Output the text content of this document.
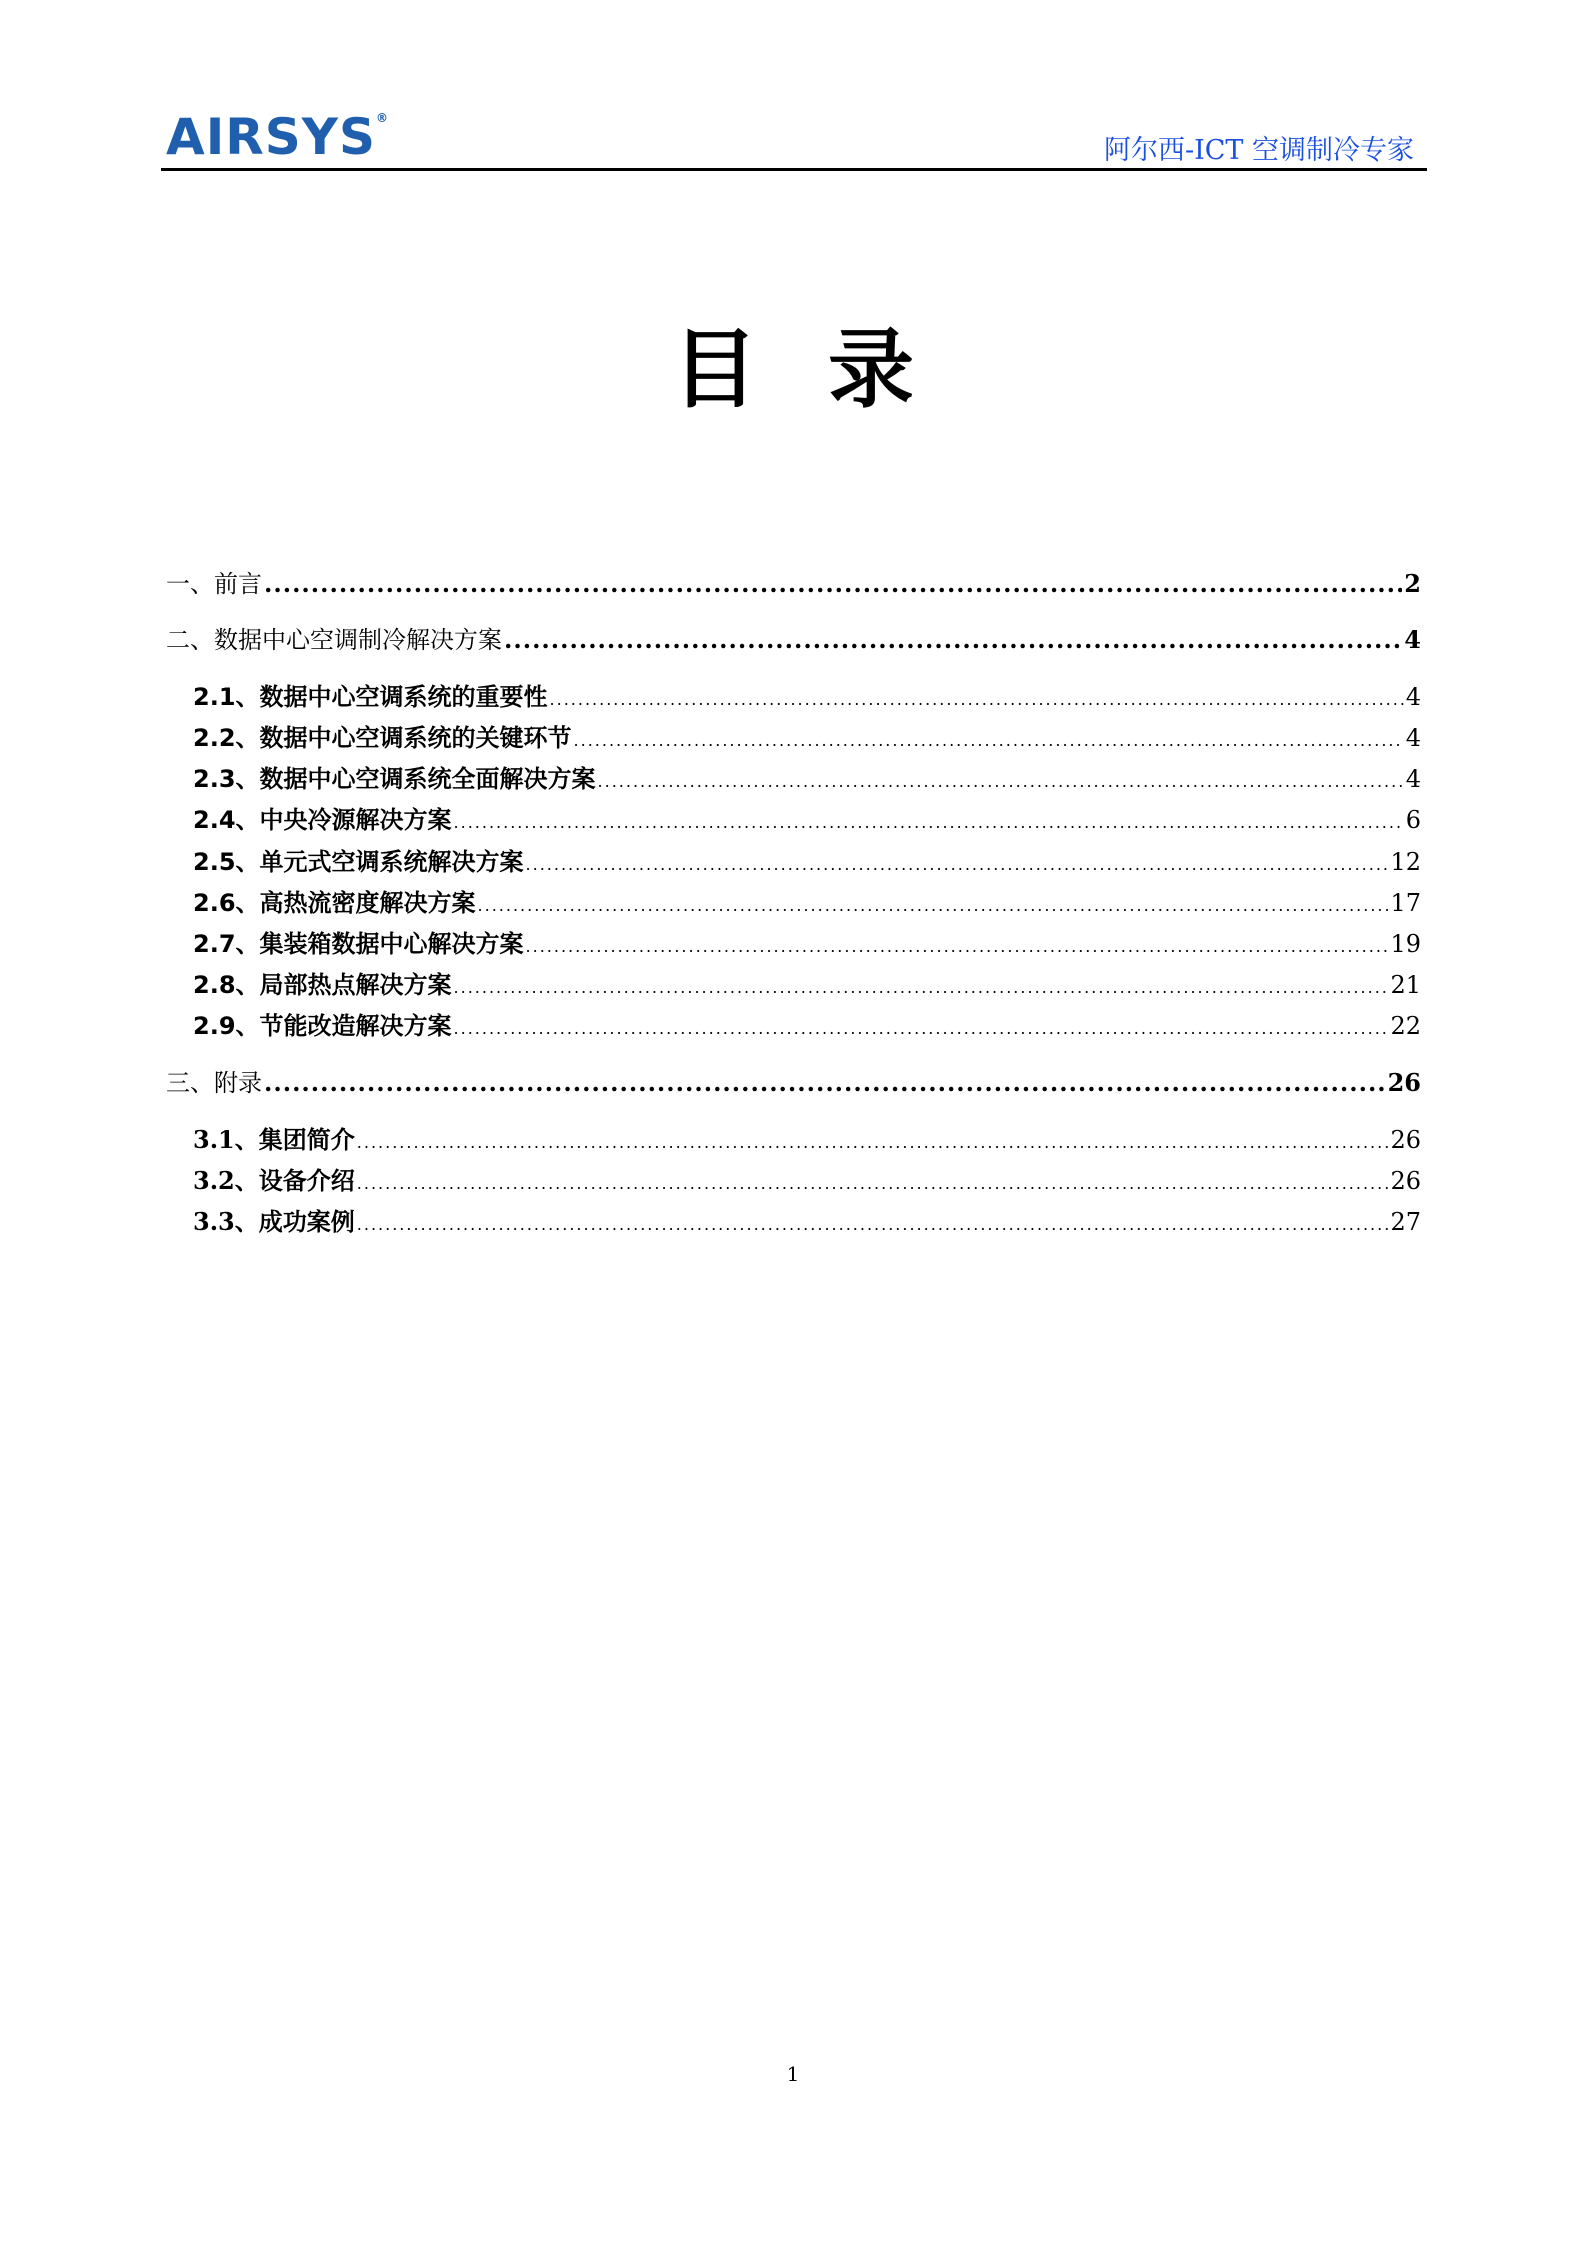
AIRSYS®
阿尔西-ICT 空调制冷专家
目录
一、前言 .....	2
二、数据中心空调制冷解决方案 .....	4
2.1、数据中心空调系统的重要性 .....	4
2.2、数据中心空调系统的关键环节 .....	4
2.3、数据中心空调系统全面解决方案 .....	4
2.4、中央冷源解决方案 .....	6
2.5、单元式空调系统解决方案 .....	12
2.6、高热流密度解决方案 .....	17
2.7、集装箱数据中心解决方案 .....	19
2.8、局部热点解决方案 .....	21
2.9、节能改造解决方案 .....	22
三、附录 .....	26
3.1、集团简介 .....	26
3.2、设备介绍 .....	26
3.3、成功案例 .....	27
1
